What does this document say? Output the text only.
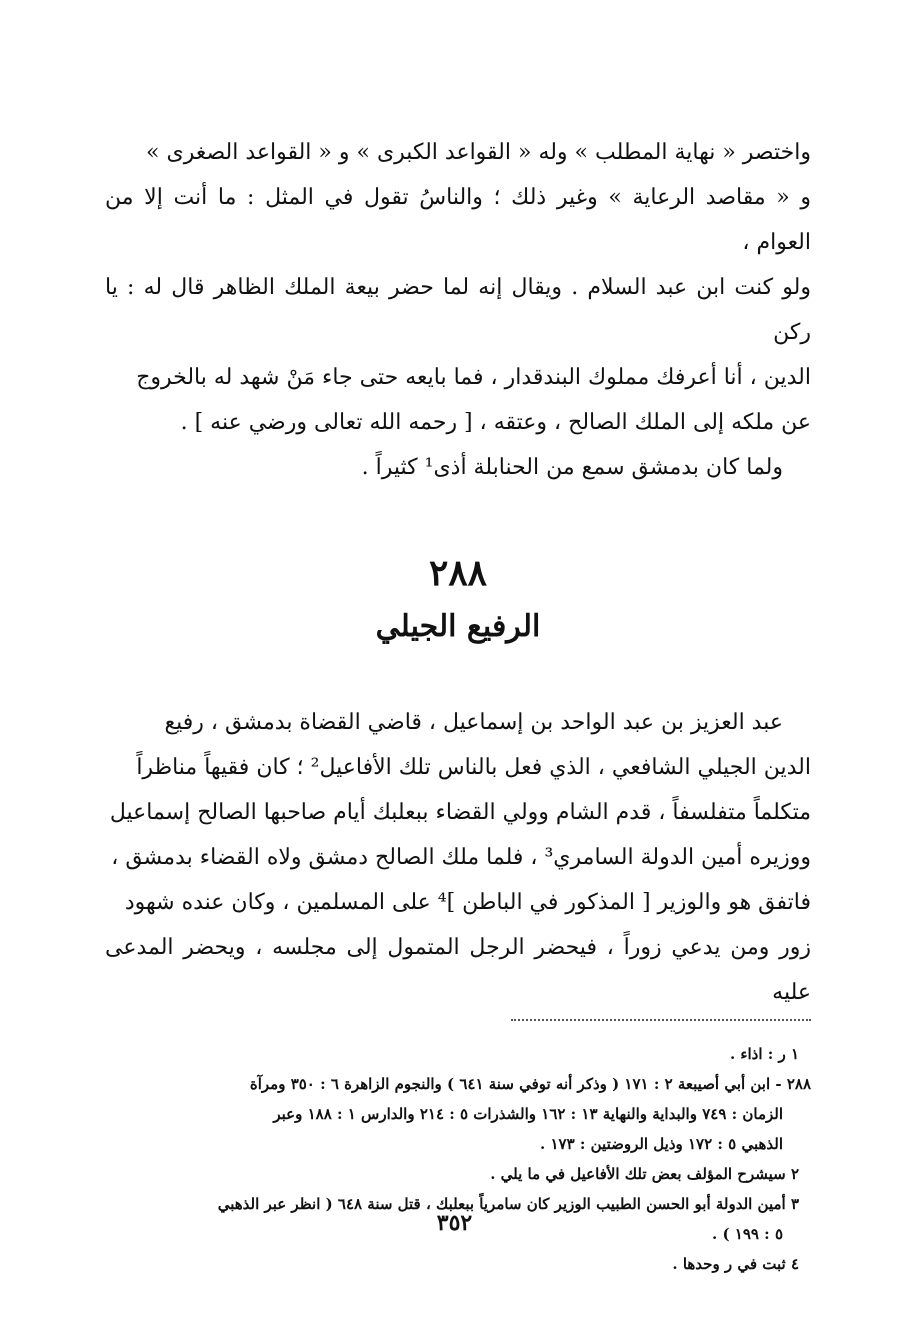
واختصر « نهاية المطلب » وله « القواعد الكبرى » و « القواعد الصغرى »

و « مقاصد الرعاية » وغير ذلك ؛ والناسُ تقول في المثل : ما أنت إلا من العوام ،

ولو كنت ابن عبد السلام . ويقال إنه لما حضر بيعة الملك الظاهر قال له : يا ركن

الدين ، أنا أعرفك مملوك البندقدار ، فما بايعه حتى جاء مَنْ شهد له بالخروج

عن ملكه إلى الملك الصالح ، وعتقه ، [ رحمه الله تعالى ورضي عنه ] .

ولما كان بدمشق سمع من الحنابلة أذى¹ كثيراً .

٢٨٨
الرفيع الجيلي

عبد العزيز بن عبد الواحد بن إسماعيل ، قاضي القضاة بدمشق ، رفيع

الدين الجيلي الشافعي ، الذي فعل بالناس تلك الأفاعيل² ؛ كان فقيهاً مناظراً

متكلماً متفلسفاً ، قدم الشام وولي القضاء ببعلبك أيام صاحبها الصالح إسماعيل

ووزيره أمين الدولة السامري³ ، فلما ملك الصالح دمشق ولاه القضاء بدمشق ،

فاتفق هو والوزير [ المذكور في الباطن ]⁴ على المسلمين ، وكان عنده شهود

زور ومن يدعي زوراً ، فيحضر الرجل المتمول إلى مجلسه ، ويحضر المدعى عليه

١ ر : اذاء .

٢٨٨ - ابن أبي أصيبعة ٢ : ١٧١ ( وذكر أنه توفي سنة ٦٤١ ) والنجوم الزاهرة ٦ : ٣٥٠ ومرآة

الزمان : ٧٤٩ والبداية والنهاية ١٣ : ١٦٢ والشذرات ٥ : ٢١٤ والدارس ١ : ١٨٨ وعبر

الذهبي ٥ : ١٧٢ وذيل الروضتين : ١٧٣ .

٢ سيشرح المؤلف بعض تلك الأفاعيل في ما يلي .

٣ أمين الدولة أبو الحسن الطبيب الوزير كان سامرياً ببعلبك ، قتل سنة ٦٤٨ ( انظر عبر الذهبي

٥ : ١٩٩ ) .

٤ ثبت في ر وحدها .

٣٥٢
